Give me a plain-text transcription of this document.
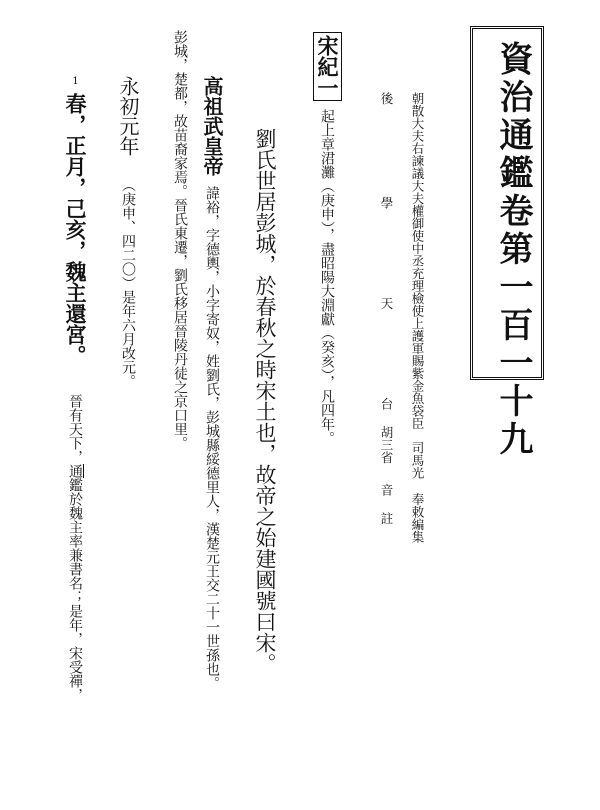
資治通鑑卷第一百一十九
朝散大夫右諫議大夫權御使中丞充理檢使上護軍賜紫金魚袋臣司馬光奉敕編集
後學天台胡三省音註
宋紀一起上章涒灘（庚申），盡昭陽大淵獻（癸亥），凡四年。
劉氏世居彭城，於春秋之時宋土也，故帝之始建國號曰宋。
高祖武皇帝諱裕，字德輿，小字寄奴，姓劉氏，彭城縣綏德里人，漢楚元王交二十一世孫也。
彭城，楚都，故苗裔家焉。晉氏東遷，劉氏移居晉陵丹徒之京口里。
永初元年（庚申、四二〇）是年六月改元。
1春，正月，己亥，魏主還宮。晉有天下，通鑑於魏主率兼書名；是年，宋受禪，
